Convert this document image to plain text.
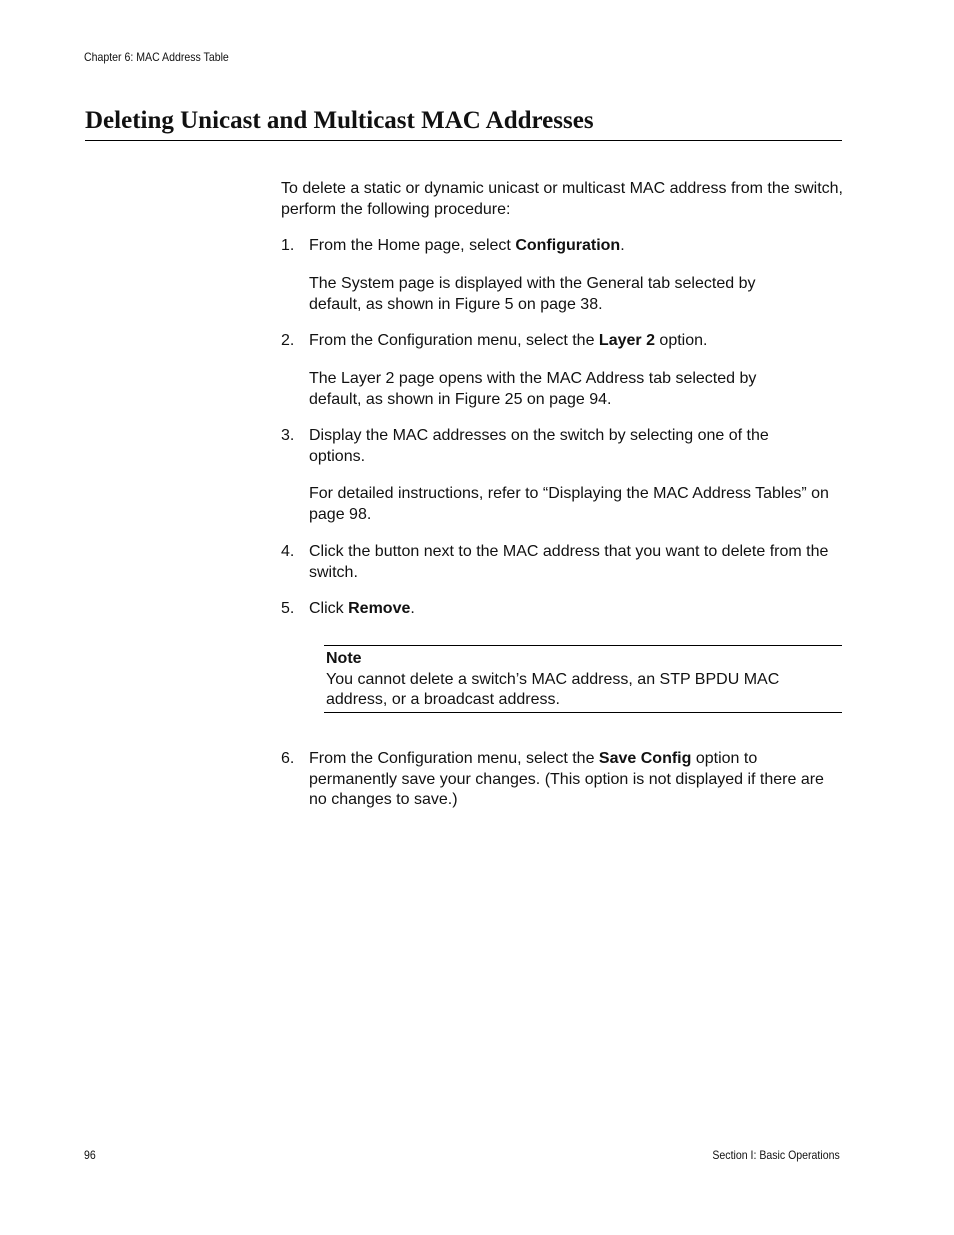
Chapter 6: MAC Address Table
Deleting Unicast and Multicast MAC Addresses

To delete a static or dynamic unicast or multicast MAC address from the switch, perform the following procedure:

1. From the Home page, select Configuration.

The System page is displayed with the General tab selected by default, as shown in Figure 5 on page 38.

2. From the Configuration menu, select the Layer 2 option.

The Layer 2 page opens with the MAC Address tab selected by default, as shown in Figure 25 on page 94.

3. Display the MAC addresses on the switch by selecting one of the options.

For detailed instructions, refer to “Displaying the MAC Address Tables” on page 98.

4. Click the button next to the MAC address that you want to delete from the switch.

5. Click Remove.

Note
You cannot delete a switch’s MAC address, an STP BPDU MAC address, or a broadcast address.
6. From the Configuration menu, select the Save Config option to permanently save your changes. (This option is not displayed if there are no changes to save.)

96	Section I: Basic Operations
